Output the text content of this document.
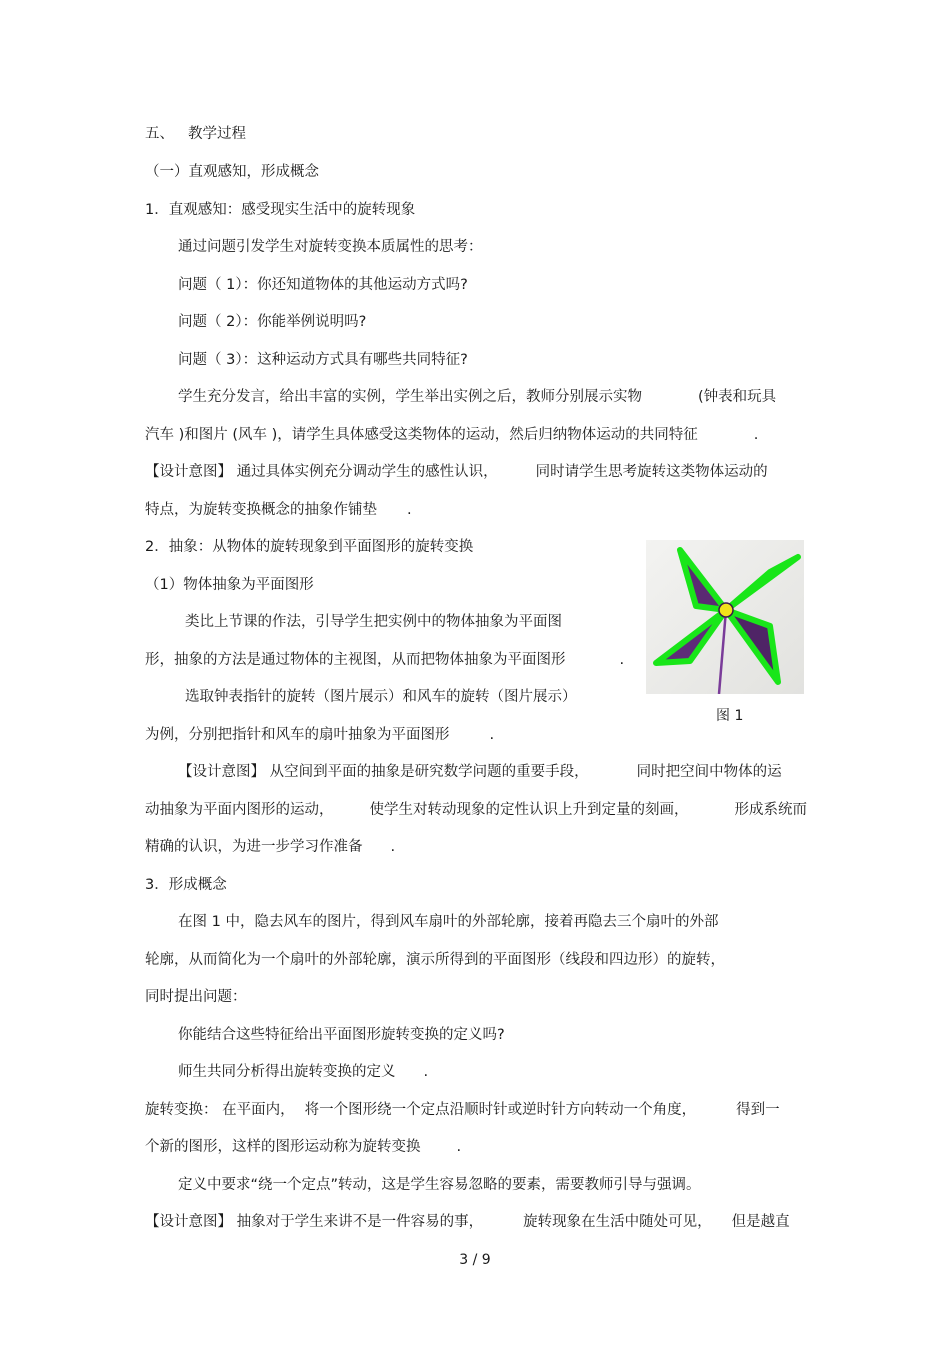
五、 教学过程
（一）直观感知，形成概念
1．直观感知：感受现实生活中的旋转现象
通过问题引发学生对旋转变换本质属性的思考：
问题（ 1）：你还知道物体的其他运动方式吗?
问题（ 2）：你能举例说明吗?
问题（ 3）：这种运动方式具有哪些共同特征?
学生充分发言，给出丰富的实例，学生举出实例之后，教师分别展示实物	(钟表和玩具
汽车 )和图片 (风车 )，请学生具体感受这类物体的运动，然后归纳物体运动的共同特征	.
【设计意图】 通过具体实例充分调动学生的感性认识，	同时请学生思考旋转这类物体运动的
特点，为旋转变换概念的抽象作铺垫 .
2．抽象：从物体的旋转现象到平面图形的旋转变换
（1）物体抽象为平面图形
类比上节课的作法，引导学生把实例中的物体抽象为平面图
形，抽象的方法是通过物体的主视图，从而把物体抽象为平面图形	.
选取钟表指针的旋转（图片展示）和风车的旋转（图片展示）
为例，分别把指针和风车的扇叶抽象为平面图形	.
图 1
【设计意图】 从空间到平面的抽象是研究数学问题的重要手段，	同时把空间中物体的运
动抽象为平面内图形的运动， 使学生对转动现象的定性认识上升到定量的刻画，	形成系统而
精确的认识，为进一步学习作准备 .
3．形成概念
在图 1 中，隐去风车的图片，得到风车扇叶的外部轮廓，接着再隐去三个扇叶的外部
轮廓，从而简化为一个扇叶的外部轮廓，演示所得到的平面图形（线段和四边形）的旋转，
同时提出问题：
你能结合这些特征给出平面图形旋转变换的定义吗?
师生共同分析得出旋转变换的定义 .
旋转变换： 在平面内， 将一个图形绕一个定点沿顺时针或逆时针方向转动一个角度，	得到一
个新的图形，这样的图形运动称为旋转变换 .
定义中要求“绕一个定点”转动，这是学生容易忽略的要素，需要教师引导与强调。
【设计意图】 抽象对于学生来讲不是一件容易的事，	旋转现象在生活中随处可见， 但是越直
3 / 9
